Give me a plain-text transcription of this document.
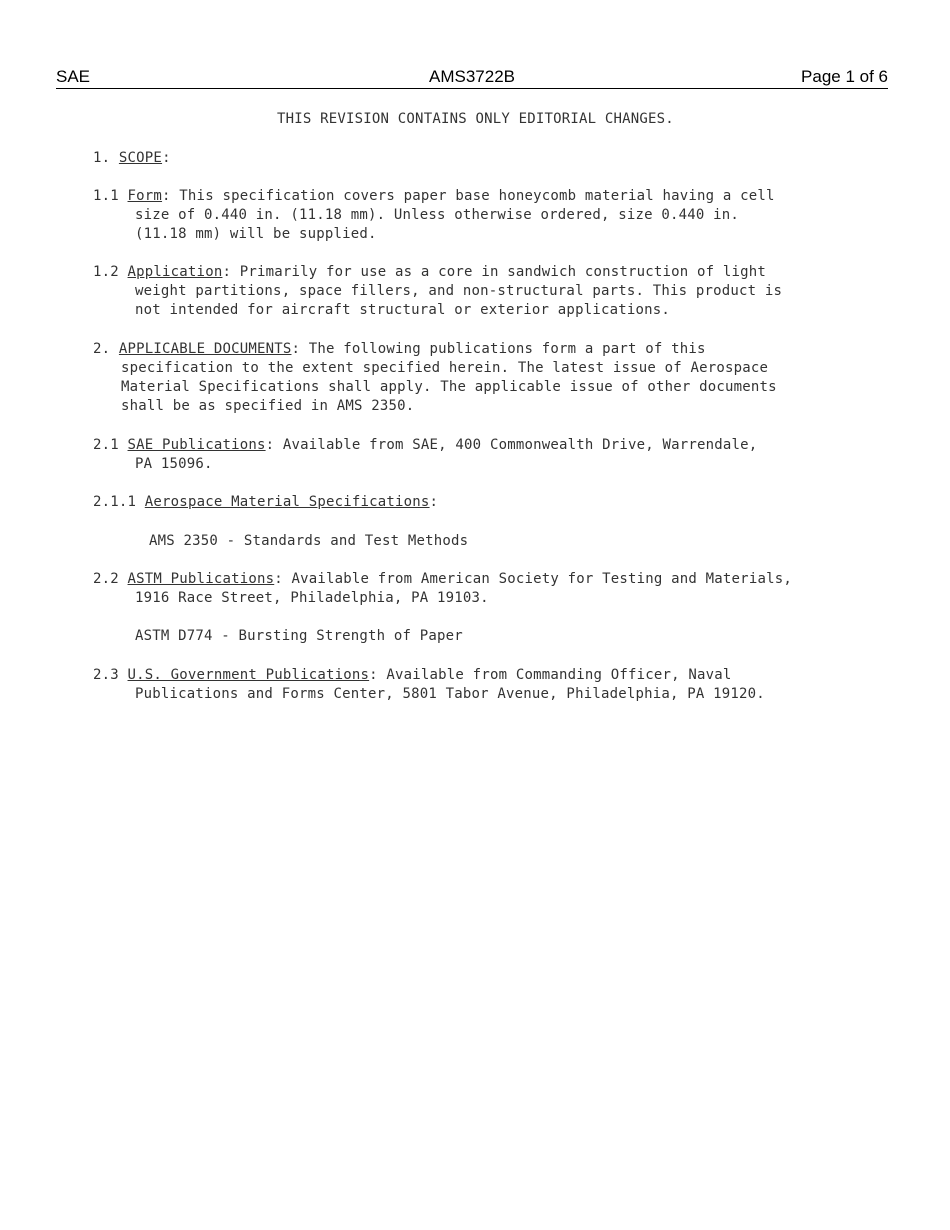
SAE	AMS3722B	Page 1 of 6
THIS REVISION CONTAINS ONLY EDITORIAL CHANGES.
1. SCOPE:
1.1 Form: This specification covers paper base honeycomb material having a cell
size of 0.440 in. (11.18 mm). Unless otherwise ordered, size 0.440 in.
(11.18 mm) will be supplied.
1.2 Application: Primarily for use as a core in sandwich construction of light
weight partitions, space fillers, and non-structural parts. This product is
not intended for aircraft structural or exterior applications.
2. APPLICABLE DOCUMENTS: The following publications form a part of this
specification to the extent specified herein. The latest issue of Aerospace
Material Specifications shall apply. The applicable issue of other documents
shall be as specified in AMS 2350.
2.1 SAE Publications: Available from SAE, 400 Commonwealth Drive, Warrendale,
PA 15096.
2.1.1 Aerospace Material Specifications:
AMS 2350 - Standards and Test Methods
2.2 ASTM Publications: Available from American Society for Testing and Materials,
1916 Race Street, Philadelphia, PA 19103.
ASTM D774 - Bursting Strength of Paper
2.3 U.S. Government Publications: Available from Commanding Officer, Naval
Publications and Forms Center, 5801 Tabor Avenue, Philadelphia, PA 19120.
